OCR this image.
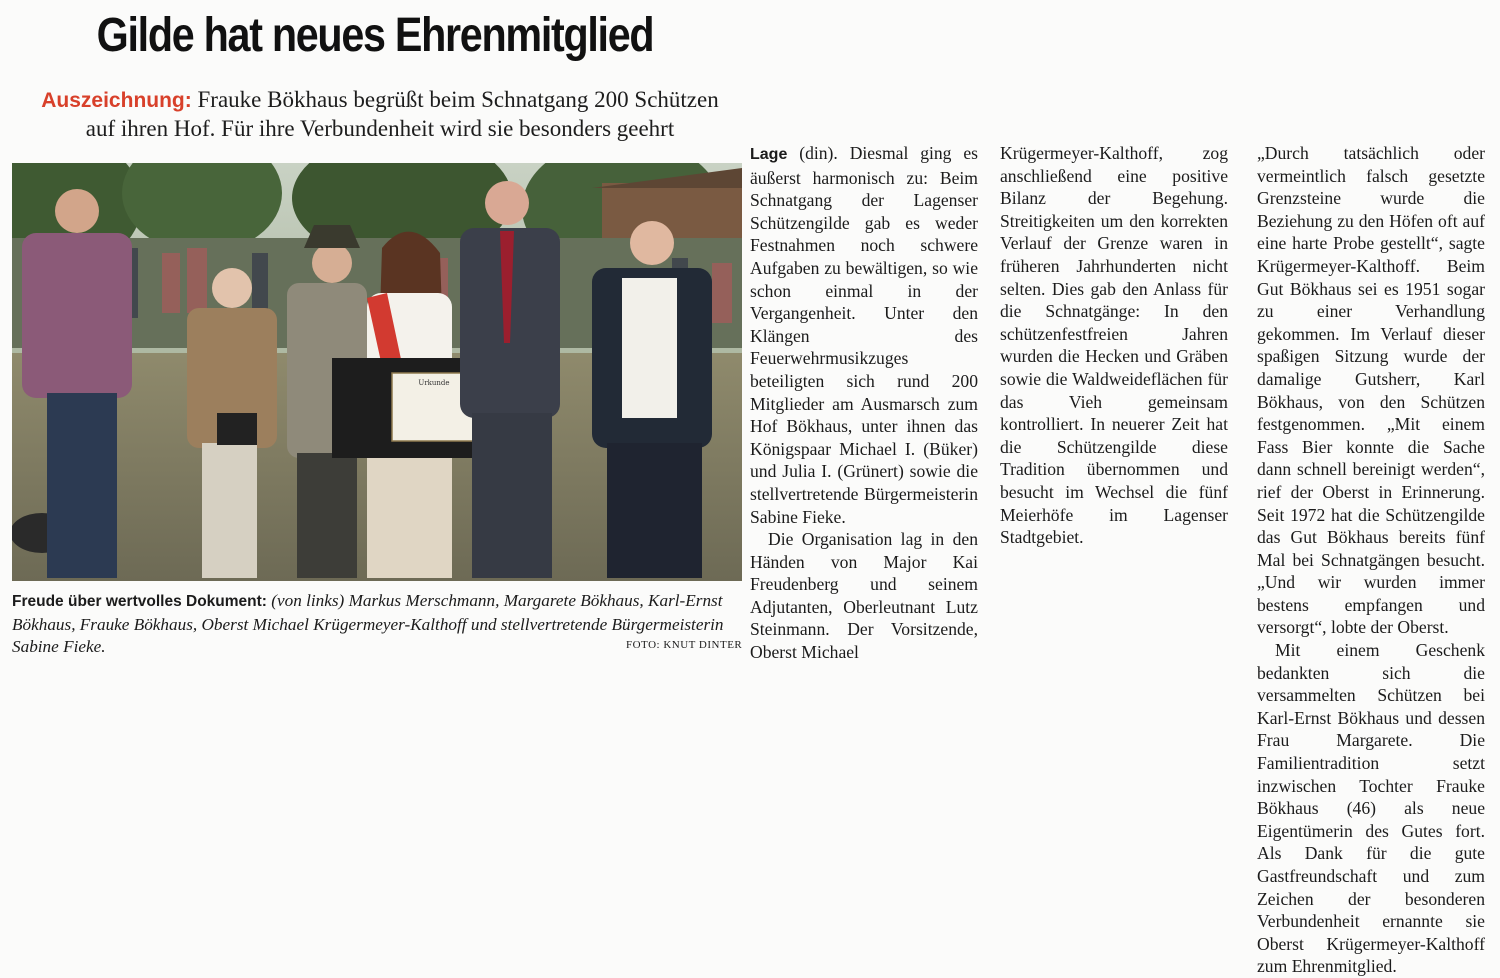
Gilde hat neues Ehrenmitglied

Auszeichnung: Frauke Bökhaus begrüßt beim Schnatgang 200 Schützen auf ihren Hof. Für ihre Verbundenheit wird sie besonders geehrt

Urkunde

Freude über wertvolles Dokument: (von links) Markus Merschmann, Margarete Bökhaus, Karl-Ernst Bökhaus, Frauke Bökhaus, Oberst Michael Krügermeyer-Kalthoff und stellvertretende Bürgermeisterin Sabine Fieke.	FOTO: KNUT DINTER

Lage (din). Diesmal ging es äußerst harmonisch zu: Beim Schnatgang der Lagenser Schützengilde gab es weder Festnahmen noch schwere Aufgaben zu bewältigen, so wie schon einmal in der Vergangenheit. Unter den Klängen des Feuerwehrmusikzuges beteiligten sich rund 200 Mitglieder am Ausmarsch zum Hof Bökhaus, unter ihnen das Königspaar Michael I. (Büker) und Julia I. (Grünert) sowie die stellvertretende Bürgermeisterin Sabine Fieke.

Die Organisation lag in den Händen von Major Kai Freudenberg und seinem Adjutanten, Oberleutnant Lutz Steinmann. Der Vorsitzende, Oberst Michael

Krügermeyer-Kalthoff, zog anschließend eine positive Bilanz der Begehung. Streitigkeiten um den korrekten Verlauf der Grenze waren in früheren Jahrhunderten nicht selten. Dies gab den Anlass für die Schnatgänge: In den schützenfestfreien Jahren wurden die Hecken und Gräben sowie die Waldweideflächen für das Vieh gemeinsam kontrolliert. In neuerer Zeit hat die Schützengilde diese Tradition übernommen und besucht im Wechsel die fünf Meierhöfe im Lagenser Stadtgebiet.

„Durch tatsächlich oder vermeintlich falsch gesetzte Grenzsteine wurde die Beziehung zu den Höfen oft auf eine harte Probe gestellt“, sagte Krügermeyer-Kalthoff. Beim Gut Bökhaus sei es 1951 sogar zu einer Verhandlung gekommen. Im Verlauf dieser spaßigen Sitzung wurde der damalige Gutsherr, Karl Bökhaus, von den Schützen festgenommen. „Mit einem Fass Bier konnte die Sache dann schnell bereinigt werden“, rief der Oberst in Erinnerung. Seit 1972 hat die Schützengilde das Gut Bökhaus bereits fünf Mal bei Schnatgängen besucht. „Und wir wurden immer bestens empfangen und versorgt“, lobte der Oberst.

Mit einem Geschenk bedankten sich die versammelten Schützen bei Karl-Ernst Bökhaus und dessen Frau Margarete. Die Familientradition setzt inzwischen Tochter Frauke Bökhaus (46) als neue Eigentümerin des Gutes fort. Als Dank für die gute Gastfreundschaft und zum Zeichen der besonderen Verbundenheit ernannte sie Oberst Krügermeyer-Kalthoff zum Ehrenmitglied.
